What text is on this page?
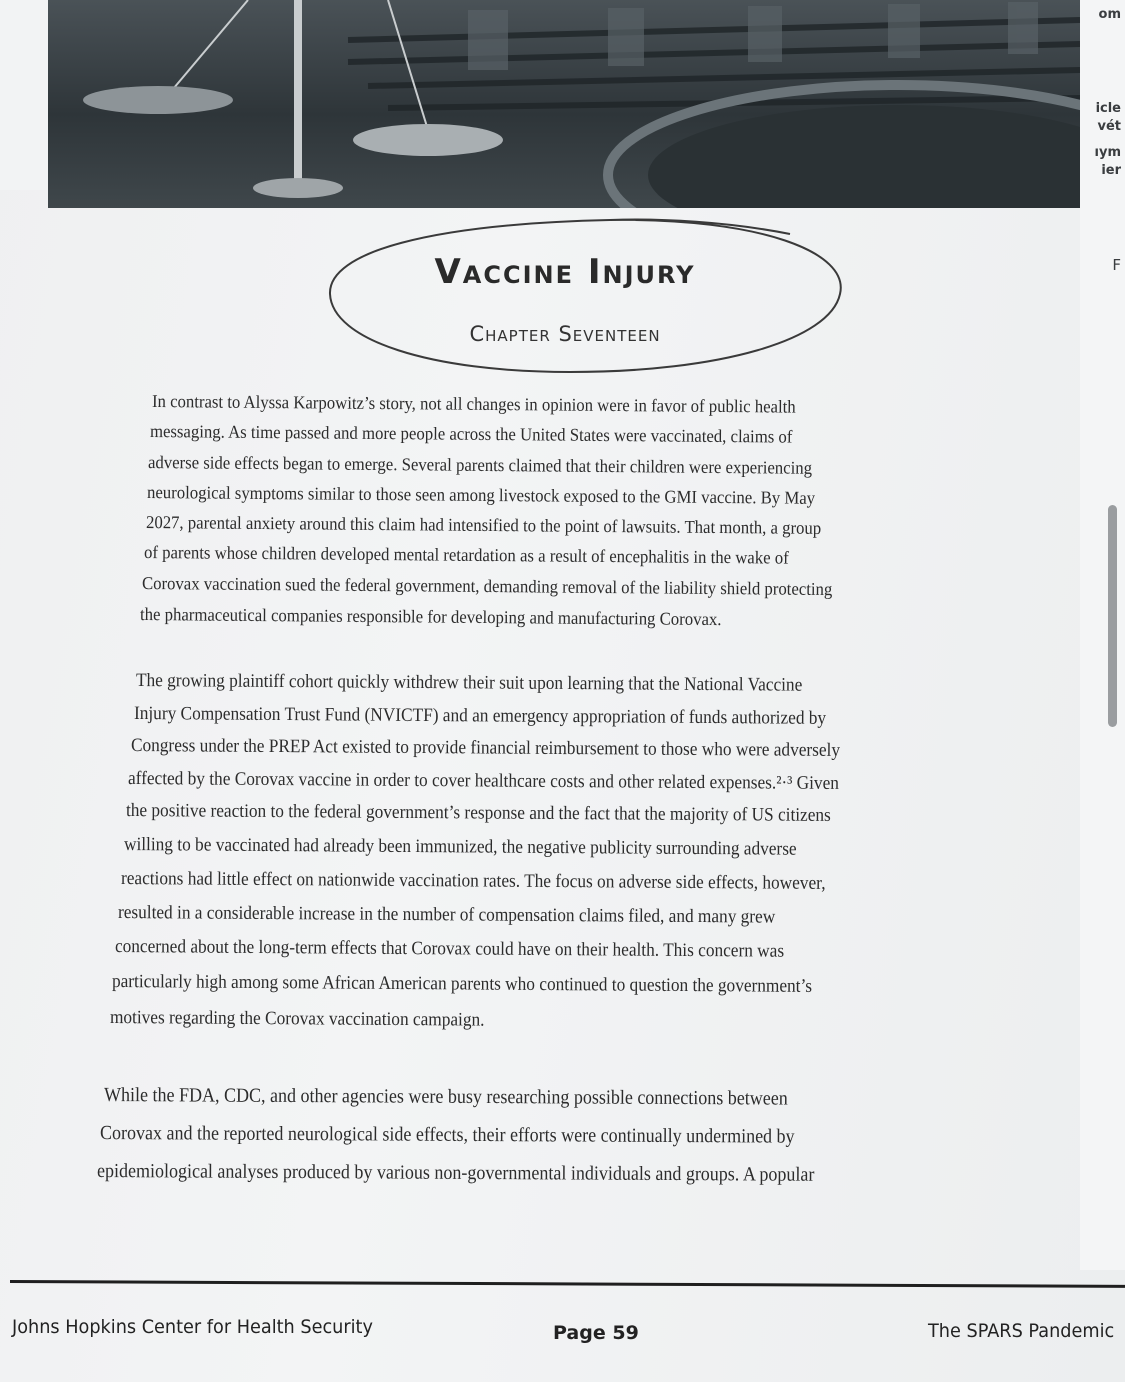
om
icle
vét
ıym
ier
F
Vaccine Injury
Chapter Seventeen
In contrast to Alyssa Karpowitz’s story, not all changes in opinion were in favor of public health
messaging. As time passed and more people across the United States were vaccinated, claims of
adverse side effects began to emerge. Several parents claimed that their children were experiencing
neurological symptoms similar to those seen among livestock exposed to the GMI vaccine. By May
2027, parental anxiety around this claim had intensified to the point of lawsuits. That month, a group
of parents whose children developed mental retardation as a result of encephalitis in the wake of
Corovax vaccination sued the federal government, demanding removal of the liability shield protecting
the pharmaceutical companies responsible for developing and manufacturing Corovax.
The growing plaintiff cohort quickly withdrew their suit upon learning that the National Vaccine
Injury Compensation Trust Fund (NVICTF) and an emergency appropriation of funds authorized by
Congress under the PREP Act existed to provide financial reimbursement to those who were adversely
affected by the Corovax vaccine in order to cover healthcare costs and other related expenses.²·³ Given
the positive reaction to the federal government’s response and the fact that the majority of US citizens
willing to be vaccinated had already been immunized, the negative publicity surrounding adverse
reactions had little effect on nationwide vaccination rates. The focus on adverse side effects, however,
resulted in a considerable increase in the number of compensation claims filed, and many grew
concerned about the long-term effects that Corovax could have on their health. This concern was
particularly high among some African American parents who continued to question the government’s
motives regarding the Corovax vaccination campaign.
While the FDA, CDC, and other agencies were busy researching possible connections between
Corovax and the reported neurological side effects, their efforts were continually undermined by
epidemiological analyses produced by various non-governmental individuals and groups. A popular
Johns Hopkins Center for Health Security	Page 59	The SPARS Pandemic
